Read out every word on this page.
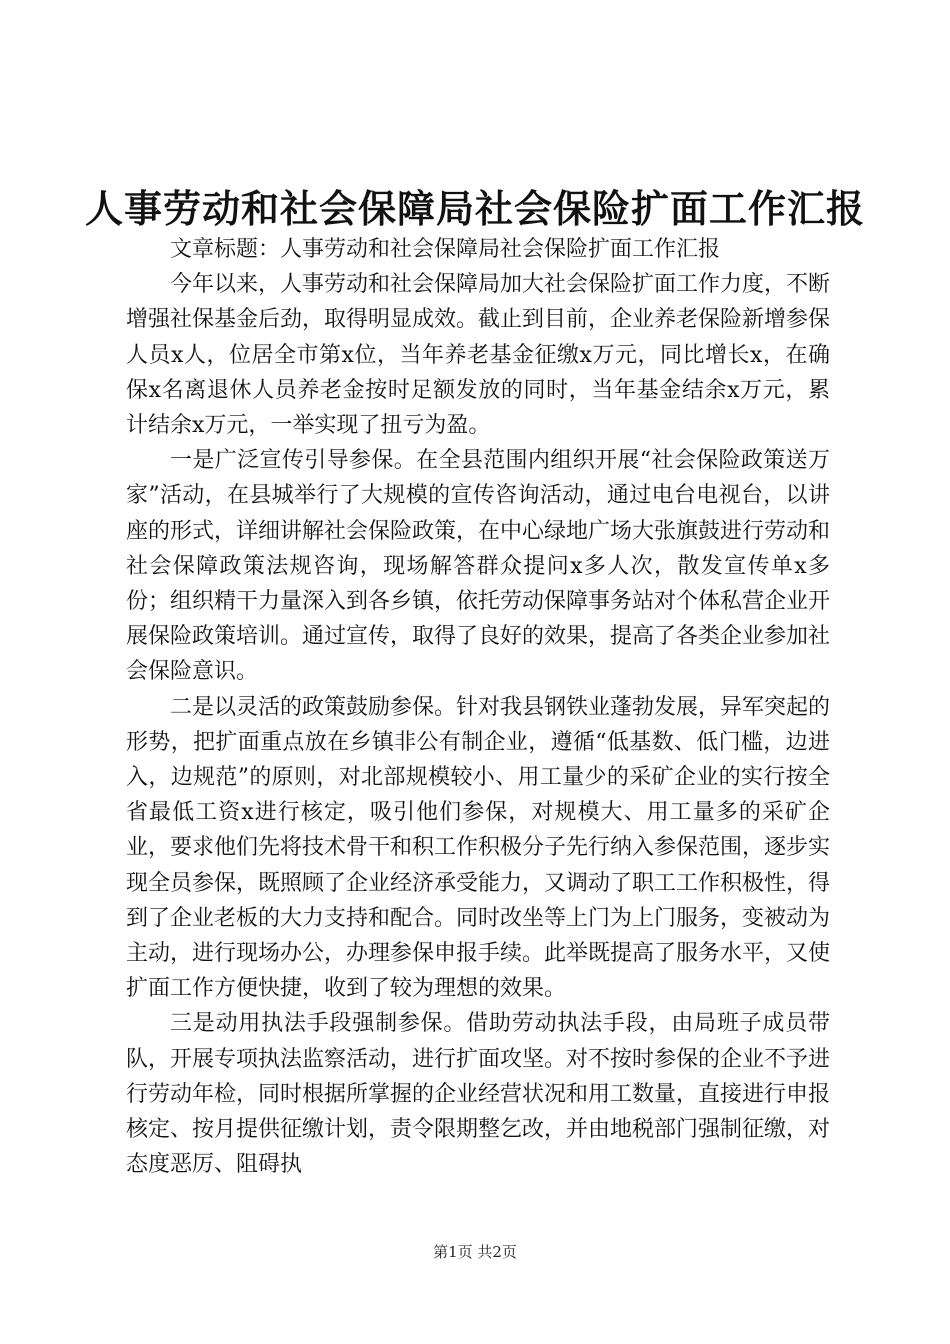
人事劳动和社会保障局社会保险扩面工作汇报

文章标题：人事劳动和社会保障局社会保险扩面工作汇报

今年以来，人事劳动和社会保障局加大社会保险扩面工作力度，不断增强社保基金后劲，取得明显成效。截止到目前，企业养老保险新增参保人员x人，位居全市第x位，当年养老基金征缴x万元，同比增长x，在确保x名离退休人员养老金按时足额发放的同时，当年基金结余x万元，累计结余x万元，一举实现了扭亏为盈。

一是广泛宣传引导参保。在全县范围内组织开展“社会保险政策送万家”活动，在县城举行了大规模的宣传咨询活动，通过电台电视台，以讲座的形式，详细讲解社会保险政策，在中心绿地广场大张旗鼓进行劳动和社会保障政策法规咨询，现场解答群众提问x多人次，散发宣传单x多份；组织精干力量深入到各乡镇，依托劳动保障事务站对个体私营企业开展保险政策培训。通过宣传，取得了良好的效果，提高了各类企业参加社会保险意识。

二是以灵活的政策鼓励参保。针对我县钢铁业蓬勃发展，异军突起的形势，把扩面重点放在乡镇非公有制企业，遵循“低基数、低门槛，边进入，边规范”的原则，对北部规模较小、用工量少的采矿企业的实行按全省最低工资x进行核定，吸引他们参保，对规模大、用工量多的采矿企业，要求他们先将技术骨干和积工作积极分子先行纳入参保范围，逐步实现全员参保，既照顾了企业经济承受能力，又调动了职工工作积极性，得到了企业老板的大力支持和配合。同时改坐等上门为上门服务，变被动为主动，进行现场办公，办理参保申报手续。此举既提高了服务水平，又使扩面工作方便快捷，收到了较为理想的效果。

三是动用执法手段强制参保。借助劳动执法手段，由局班子成员带队，开展专项执法监察活动，进行扩面攻坚。对不按时参保的企业不予进行劳动年检，同时根据所掌握的企业经营状况和用工数量，直接进行申报核定、按月提供征缴计划，责令限期整乞改，并由地税部门强制征缴，对态度恶厉、阻碍执

第1页 共2页
